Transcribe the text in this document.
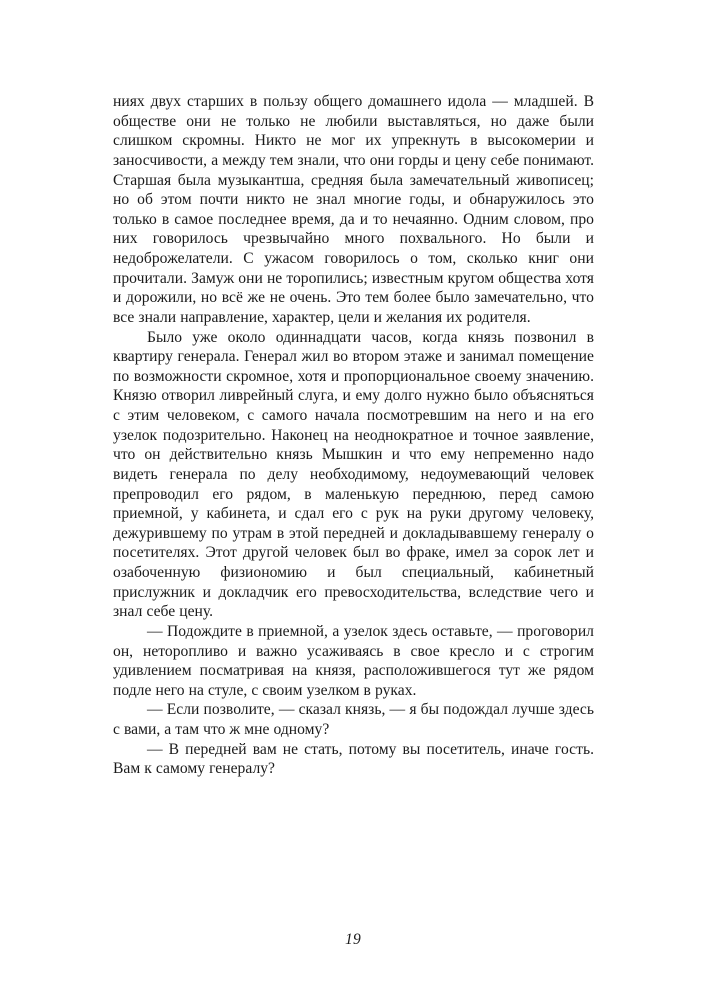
ниях двух старших в пользу общего домашнего идола — младшей. В обществе они не только не любили выставляться, но даже были слишком скромны. Никто не мог их упрекнуть в высокомерии и заносчивости, а между тем знали, что они горды и цену себе понимают. Старшая была музыкантша, средняя была замечательный живописец; но об этом почти никто не знал многие годы, и обнаружилось это только в самое последнее время, да и то нечаянно. Одним словом, про них говорилось чрезвычайно много похвального. Но были и недоброжелатели. С ужасом говорилось о том, сколько книг они прочитали. Замуж они не торопились; известным кругом общества хотя и дорожили, но всё же не очень. Это тем более было замечательно, что все знали направление, характер, цели и желания их родителя.

Было уже около одиннадцати часов, когда князь позвонил в квартиру генерала. Генерал жил во втором этаже и занимал помещение по возможности скромное, хотя и пропорциональное своему значению. Князю отворил ливрейный слуга, и ему долго нужно было объясняться с этим человеком, с самого начала посмотревшим на него и на его узелок подозрительно. Наконец на неоднократное и точное заявление, что он действительно князь Мышкин и что ему непременно надо видеть генерала по делу необходимому, недоумевающий человек препроводил его рядом, в маленькую переднюю, перед самою приемной, у кабинета, и сдал его с рук на руки другому человеку, дежурившему по утрам в этой передней и докладывавшему генералу о посетителях. Этот другой человек был во фраке, имел за сорок лет и озабоченную физиономию и был специальный, кабинетный прислужник и докладчик его превосходительства, вследствие чего и знал себе цену.

— Подождите в приемной, а узелок здесь оставьте, — проговорил он, неторопливо и важно усаживаясь в свое кресло и с строгим удивлением посматривая на князя, расположившегося тут же рядом подле него на стуле, с своим узелком в руках.

— Если позволите, — сказал князь, — я бы подождал лучше здесь с вами, а там что ж мне одному?

— В передней вам не стать, потому вы посетитель, иначе гость. Вам к самому генералу?

19
